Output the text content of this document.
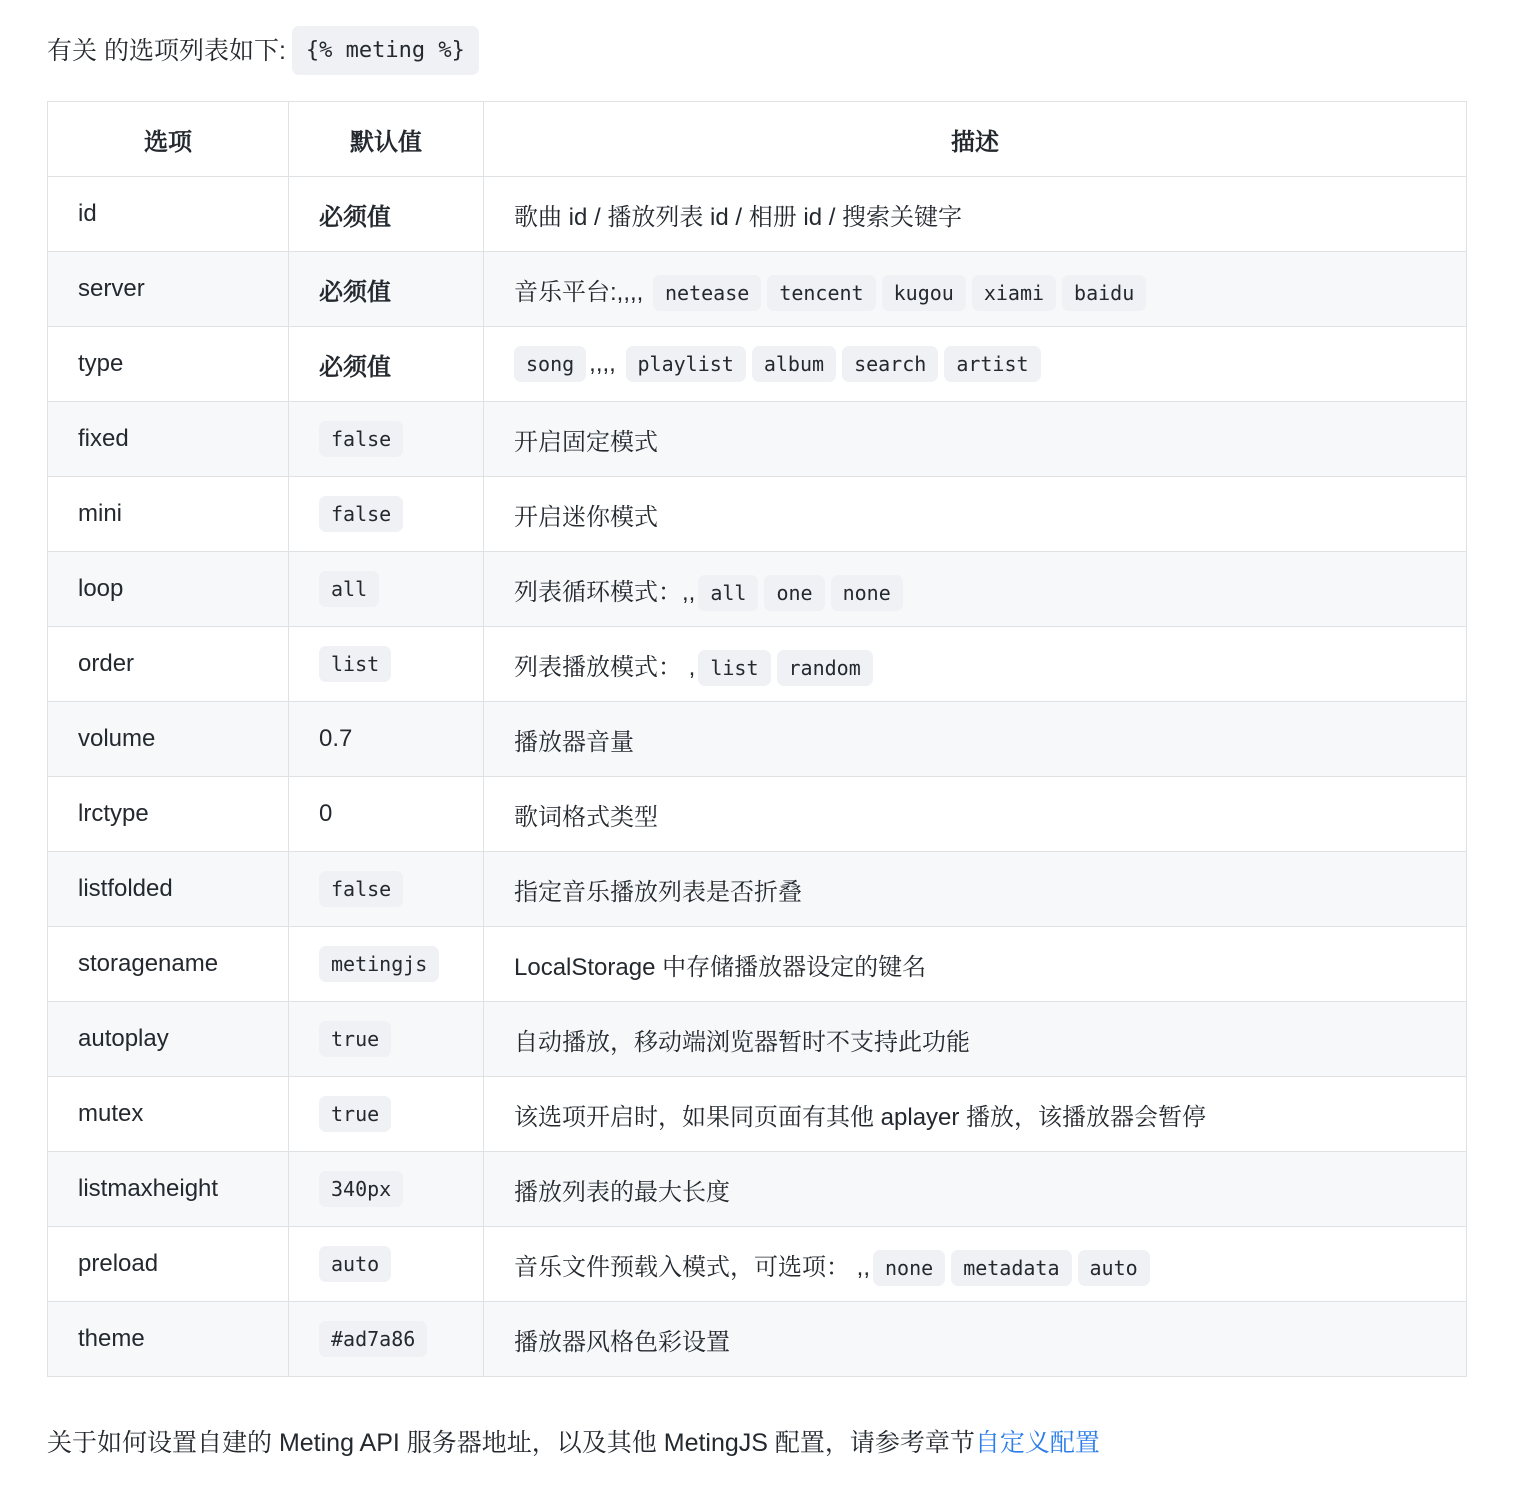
有关 的选项列表如下: {% meting %}

选项	默认值	描述
id	必须值	歌曲 id / 播放列表 id / 相册 id / 搜索关键字
server	必须值	音乐平台:,,,, netease tencent kugou xiami baidu
type	必须值	song ,,,, playlist album search artist
fixed	false	开启固定模式
mini	false	开启迷你模式
loop	all	列表循环模式：,, all one none
order	list	列表播放模式： , list random
volume	0.7	播放器音量
lrctype	0	歌词格式类型
listfolded	false	指定音乐播放列表是否折叠
storagename	metingjs	LocalStorage 中存储播放器设定的键名
autoplay	true	自动播放，移动端浏览器暂时不支持此功能
mutex	true	该选项开启时，如果同页面有其他 aplayer 播放，该播放器会暂停
listmaxheight	340px	播放列表的最大长度
preload	auto	音乐文件预载入模式，可选项： ,, none metadata auto
theme	#ad7a86	播放器风格色彩设置

关于如何设置自建的 Meting API 服务器地址，以及其他 MetingJS 配置，请参考章节自定义配置
